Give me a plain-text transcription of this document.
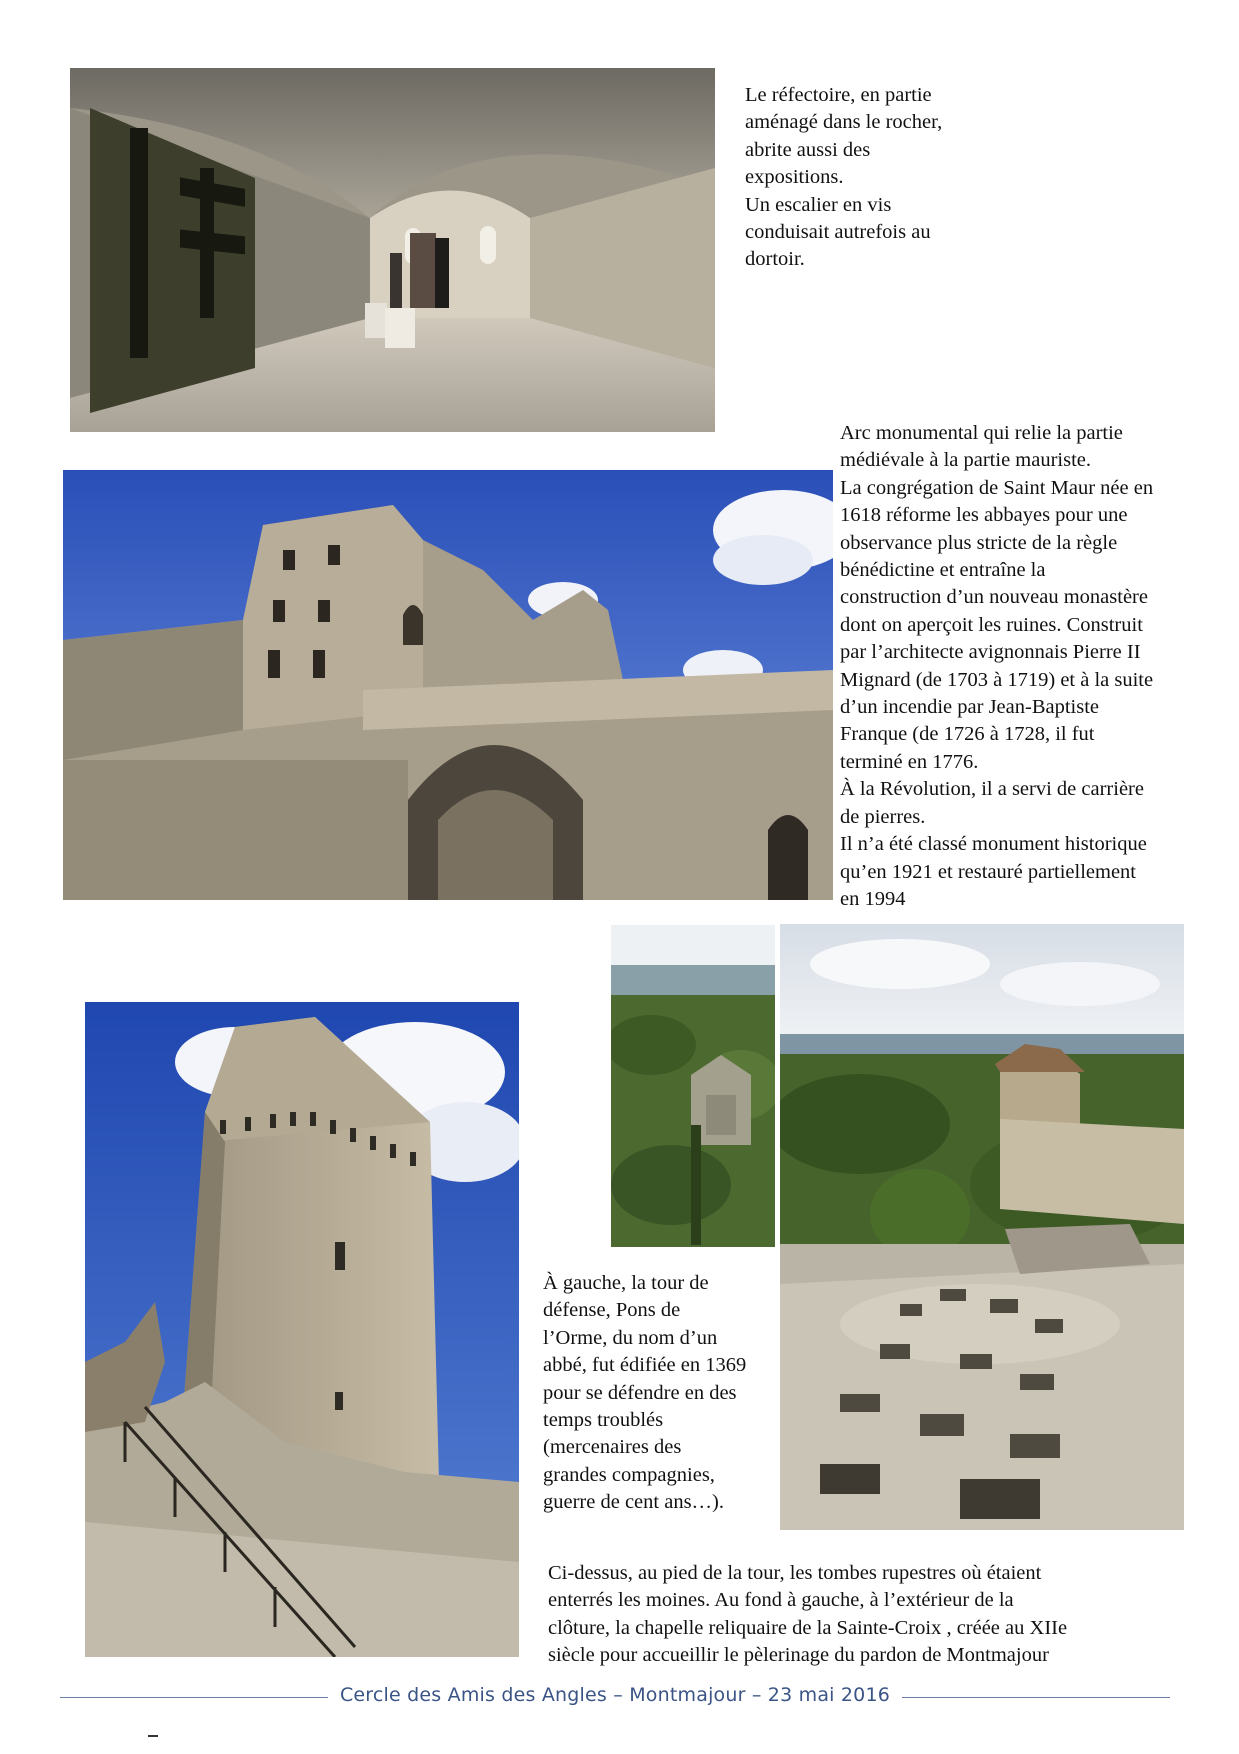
Le réfectoire, en partie
aménagé dans le rocher,
abrite aussi des
expositions.
Un escalier en vis
conduisait autrefois au
dortoir.
Arc monumental qui relie la partie
médiévale à la partie mauriste.
La congrégation de Saint Maur née en
1618 réforme les abbayes pour une
observance plus stricte de la règle
bénédictine et entraîne la
construction d’un nouveau monastère
dont on aperçoit les ruines. Construit
par l’architecte avignonnais Pierre II
Mignard (de 1703 à 1719) et à la suite
d’un incendie par Jean-Baptiste
Franque (de 1726 à 1728, il fut
terminé en 1776.
À la Révolution, il a servi de carrière
de pierres.
Il n’a été classé monument historique
qu’en 1921 et restauré partiellement
en 1994
À gauche, la tour de
défense, Pons de
l’Orme, du nom d’un
abbé, fut édifiée en 1369
pour se défendre en des
temps troublés
(mercenaires des
grandes compagnies,
guerre de cent ans…).
Ci-dessus, au pied de la tour, les tombes rupestres où étaient
enterrés les moines. Au fond à gauche, à l’extérieur de la
clôture, la chapelle reliquaire de la Sainte-Croix , créée au XIIe
siècle pour accueillir le pèlerinage du pardon de Montmajour
Cercle des Amis des Angles – Montmajour – 23 mai 2016
